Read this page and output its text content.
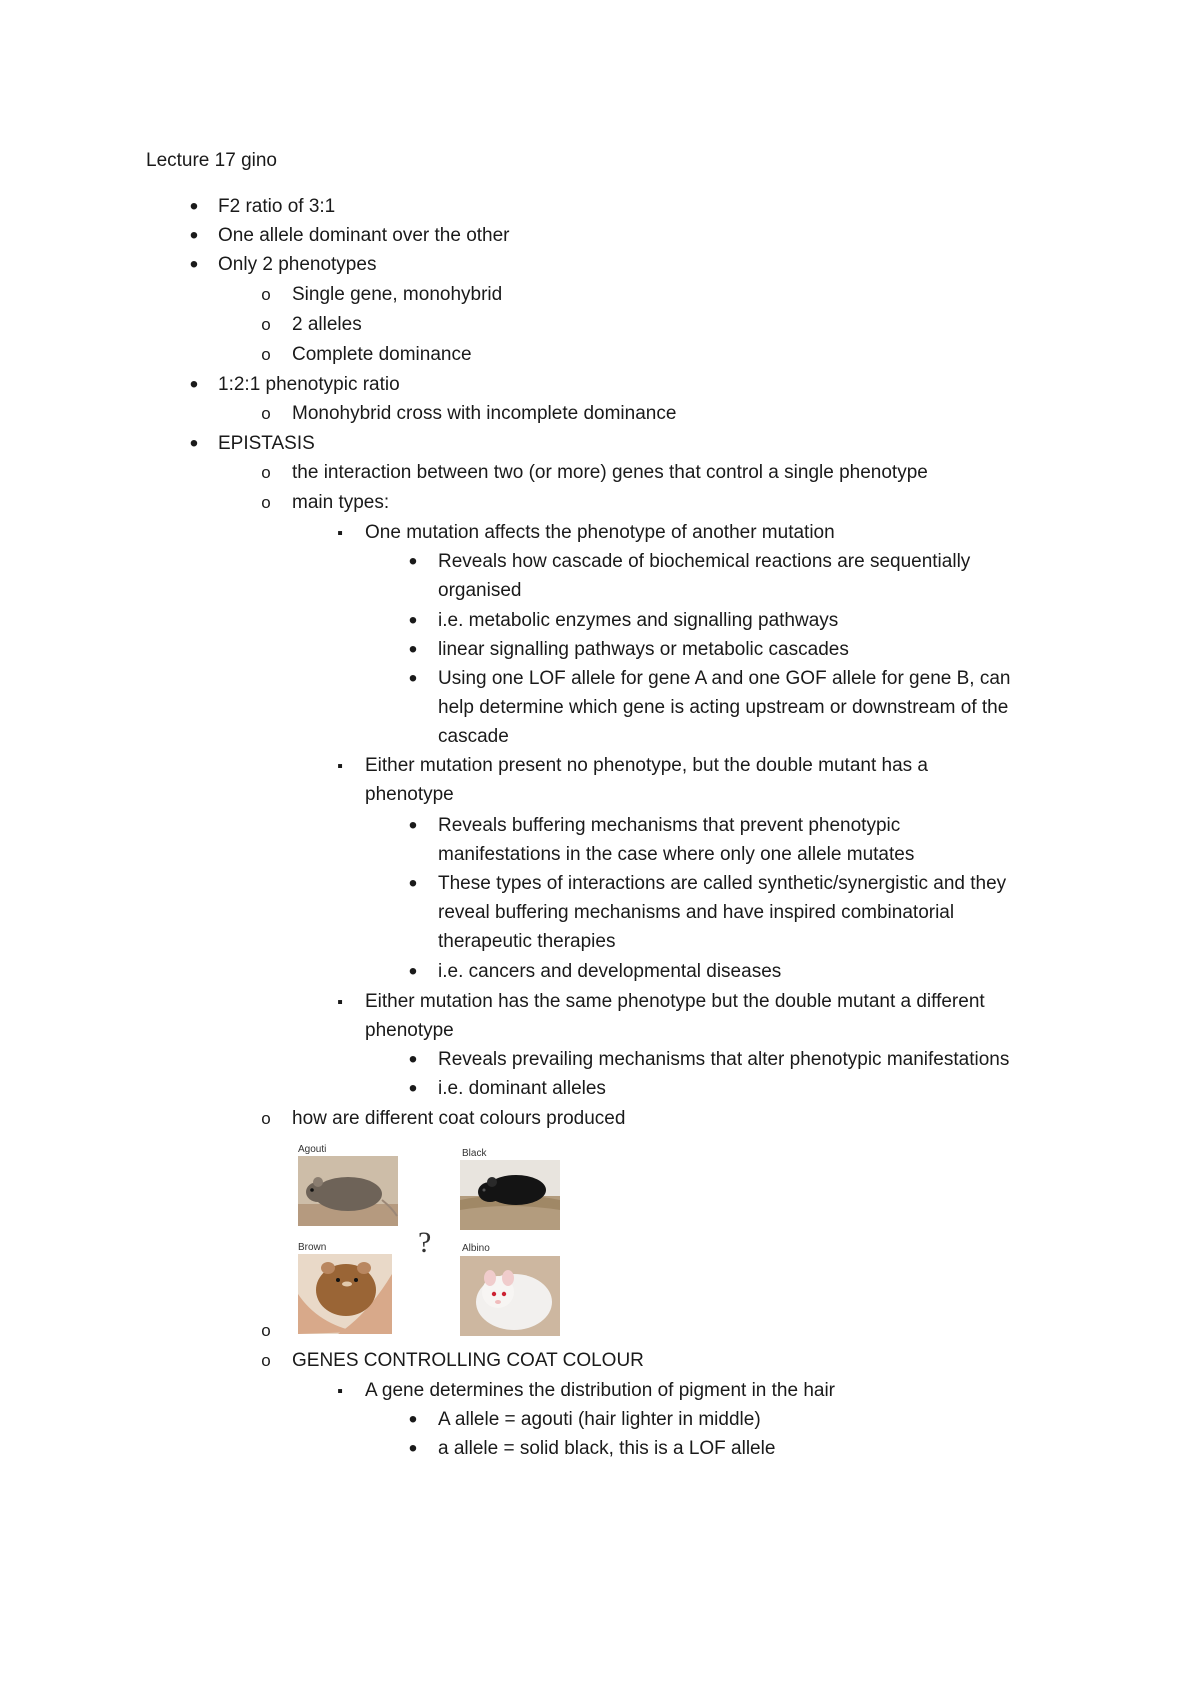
Lecture 17 gino
•
F2 ratio of 3:1
•
One allele dominant over the other
•
Only 2 phenotypes
o Single gene, monohybrid
o 2 alleles
o Complete dominance
•
1:2:1 phenotypic ratio
o Monohybrid cross with incomplete dominance
•
EPISTASIS
o the interaction between two (or more) genes that control a single phenotype
o main types:
▪
One mutation affects the phenotype of another mutation
•
Reveals how cascade of biochemical reactions are sequentially
organised
•
i.e. metabolic enzymes and signalling pathways
•
linear signalling pathways or metabolic cascades
•
Using one LOF allele for gene A and one GOF allele for gene B, can
help determine which gene is acting upstream or downstream of the
cascade
▪
Either mutation present no phenotype, but the double mutant has a
phenotype
•
Reveals buffering mechanisms that prevent phenotypic
manifestations in the case where only one allele mutates
•
These types of interactions are called synthetic/synergistic and they
reveal buffering mechanisms and have inspired combinatorial
therapeutic therapies
•
i.e. cancers and developmental diseases
▪
Either mutation has the same phenotype but the double mutant a different
phenotype
•
Reveals prevailing mechanisms that alter phenotypic manifestations
•
i.e. dominant alleles
o how are different coat colours produced
o
o GENES CONTROLLING COAT COLOUR
▪
A gene determines the distribution of pigment in the hair
•
A allele = agouti (hair lighter in middle)
•
a allele = solid black, this is a LOF allele
Agouti	Black
Brown	Albino
?
